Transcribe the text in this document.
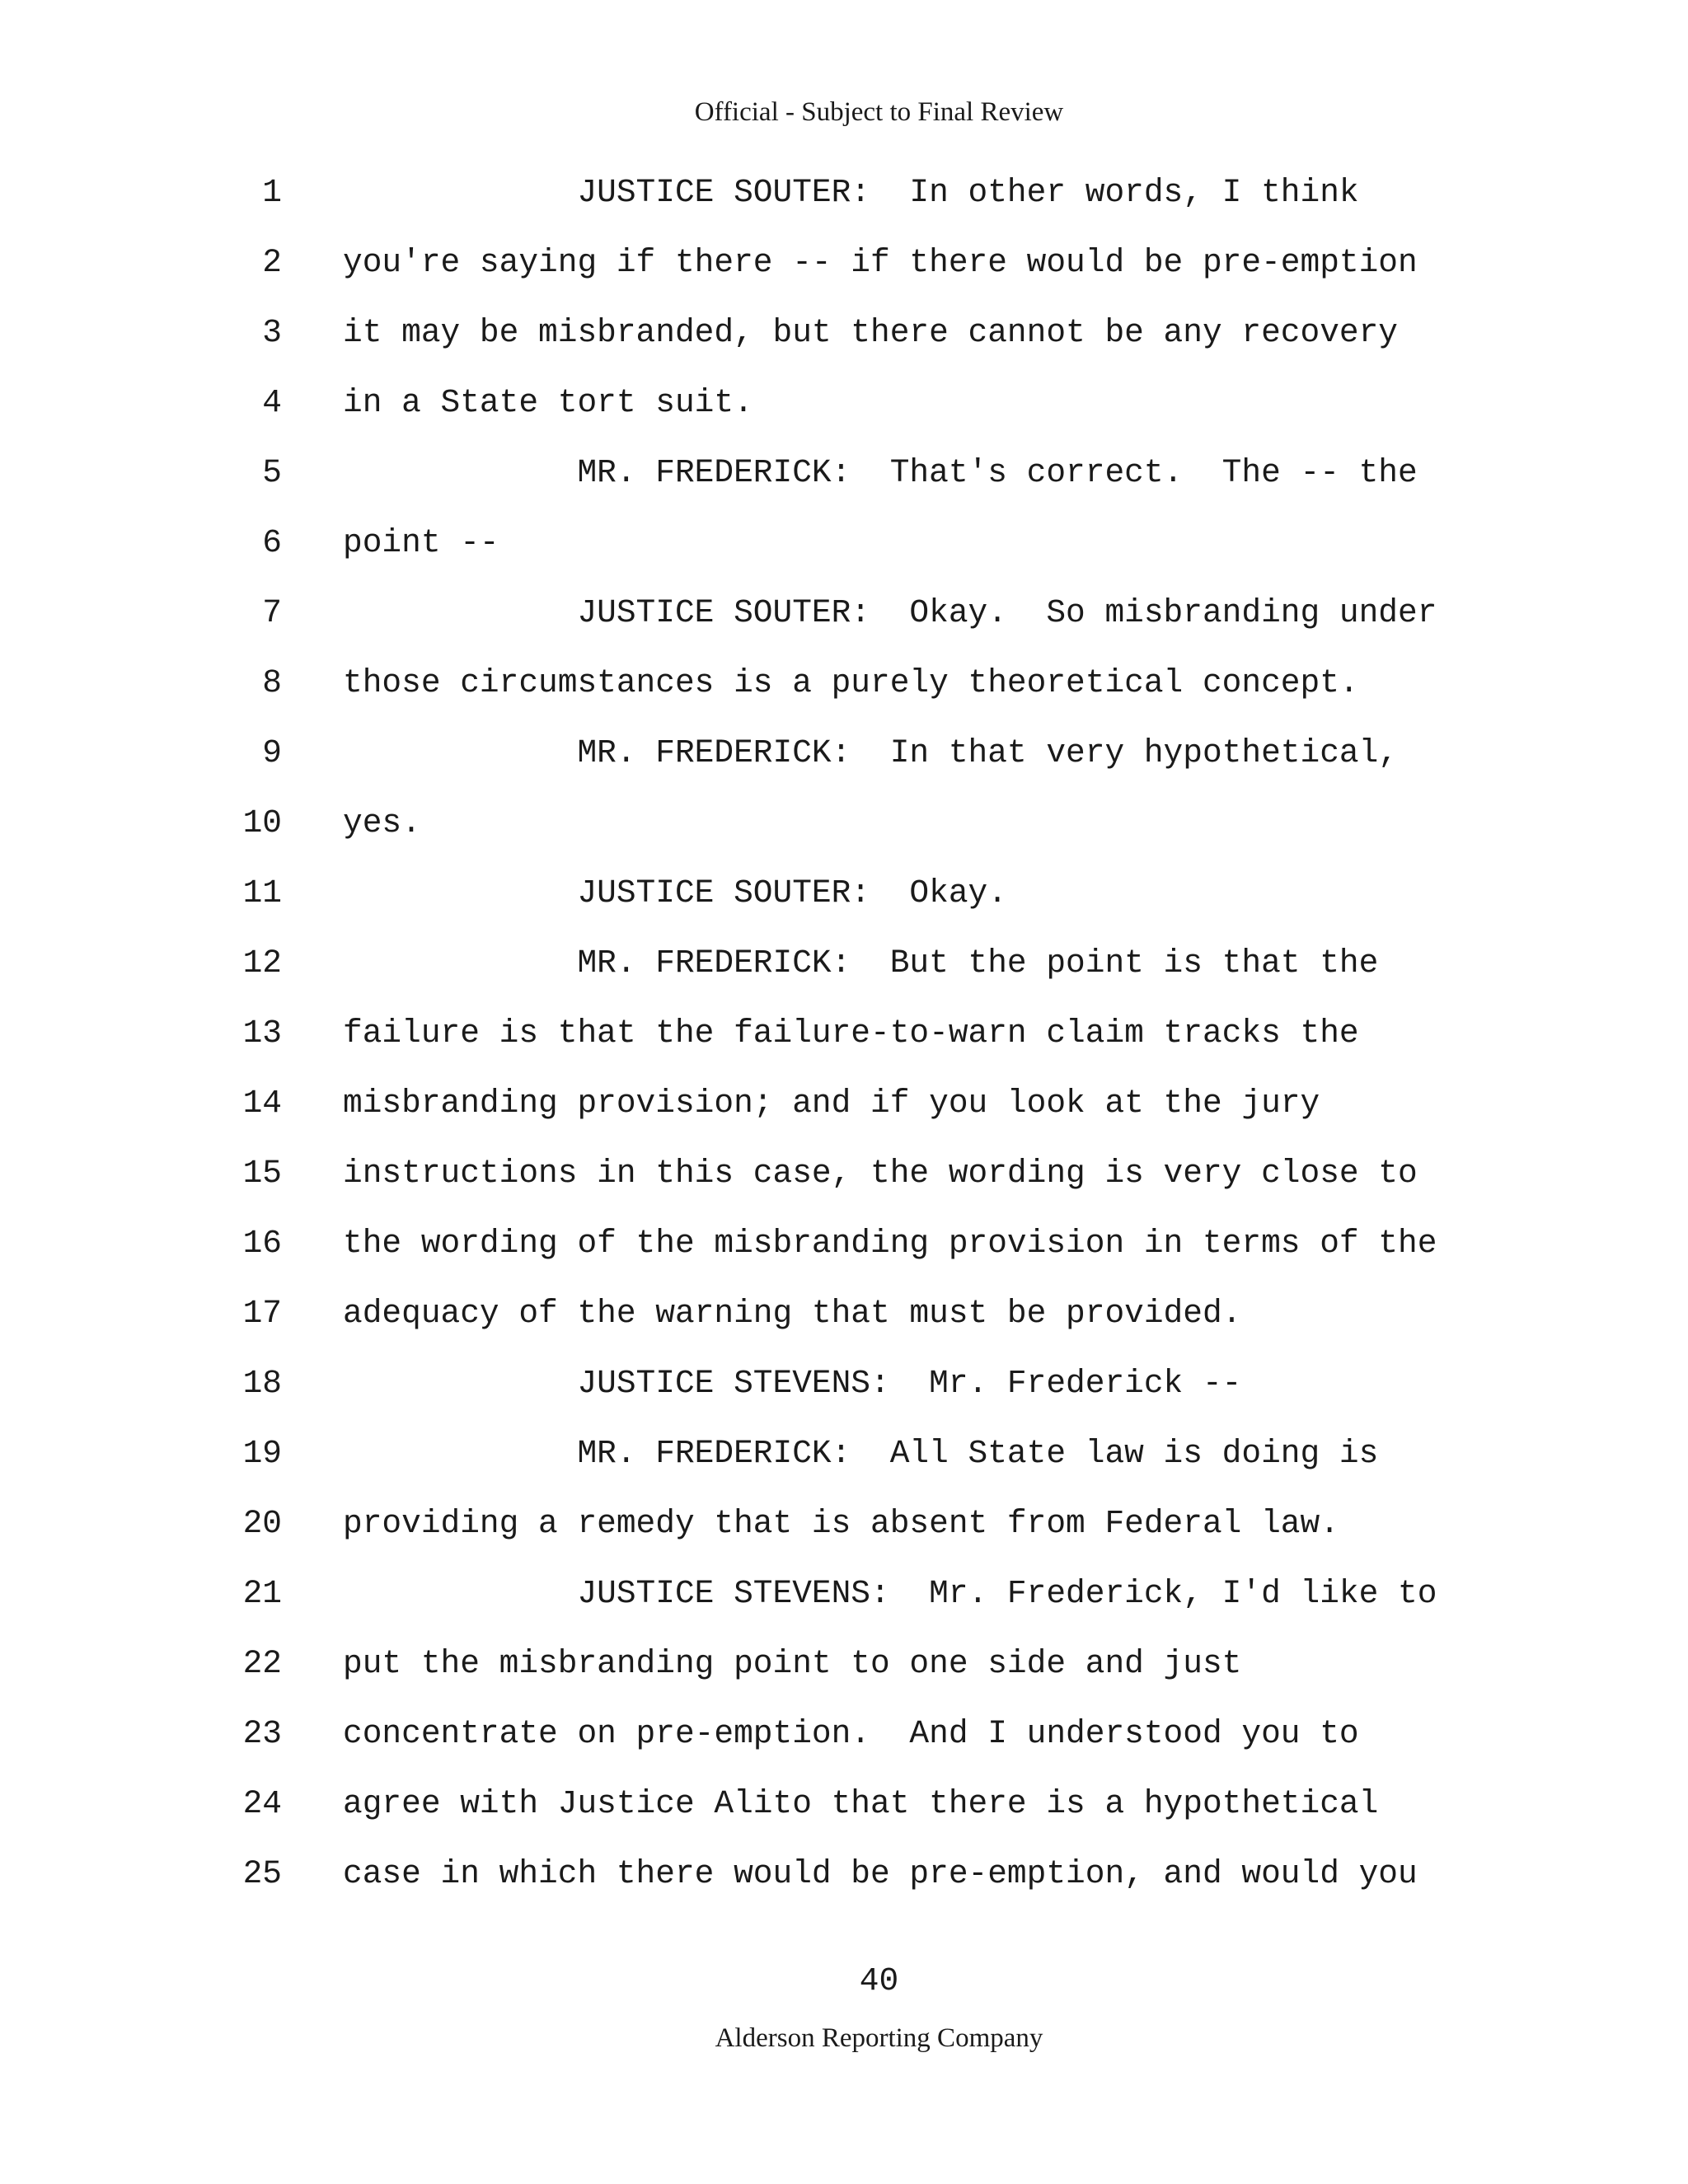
Official - Subject to Final Review

1

JUSTICE SOUTER:  In other words, I think

2

you're saying if there -- if there would be pre-emption

3

it may be misbranded, but there cannot be any recovery

4

in a State tort suit.

5

MR. FREDERICK:  That's correct.  The -- the

6

point --

7

JUSTICE SOUTER:  Okay.  So misbranding under

8

those circumstances is a purely theoretical concept.

9

MR. FREDERICK:  In that very hypothetical,

10

yes.

11

JUSTICE SOUTER:  Okay.

12

MR. FREDERICK:  But the point is that the

13

failure is that the failure-to-warn claim tracks the

14

misbranding provision; and if you look at the jury

15

instructions in this case, the wording is very close to

16

the wording of the misbranding provision in terms of the

17

adequacy of the warning that must be provided.

18

JUSTICE STEVENS:  Mr. Frederick --

19

MR. FREDERICK:  All State law is doing is

20

providing a remedy that is absent from Federal law.

21

JUSTICE STEVENS:  Mr. Frederick, I'd like to

22

put the misbranding point to one side and just

23

concentrate on pre-emption.  And I understood you to

24

agree with Justice Alito that there is a hypothetical

25

case in which there would be pre-emption, and would you

40
Alderson Reporting Company
